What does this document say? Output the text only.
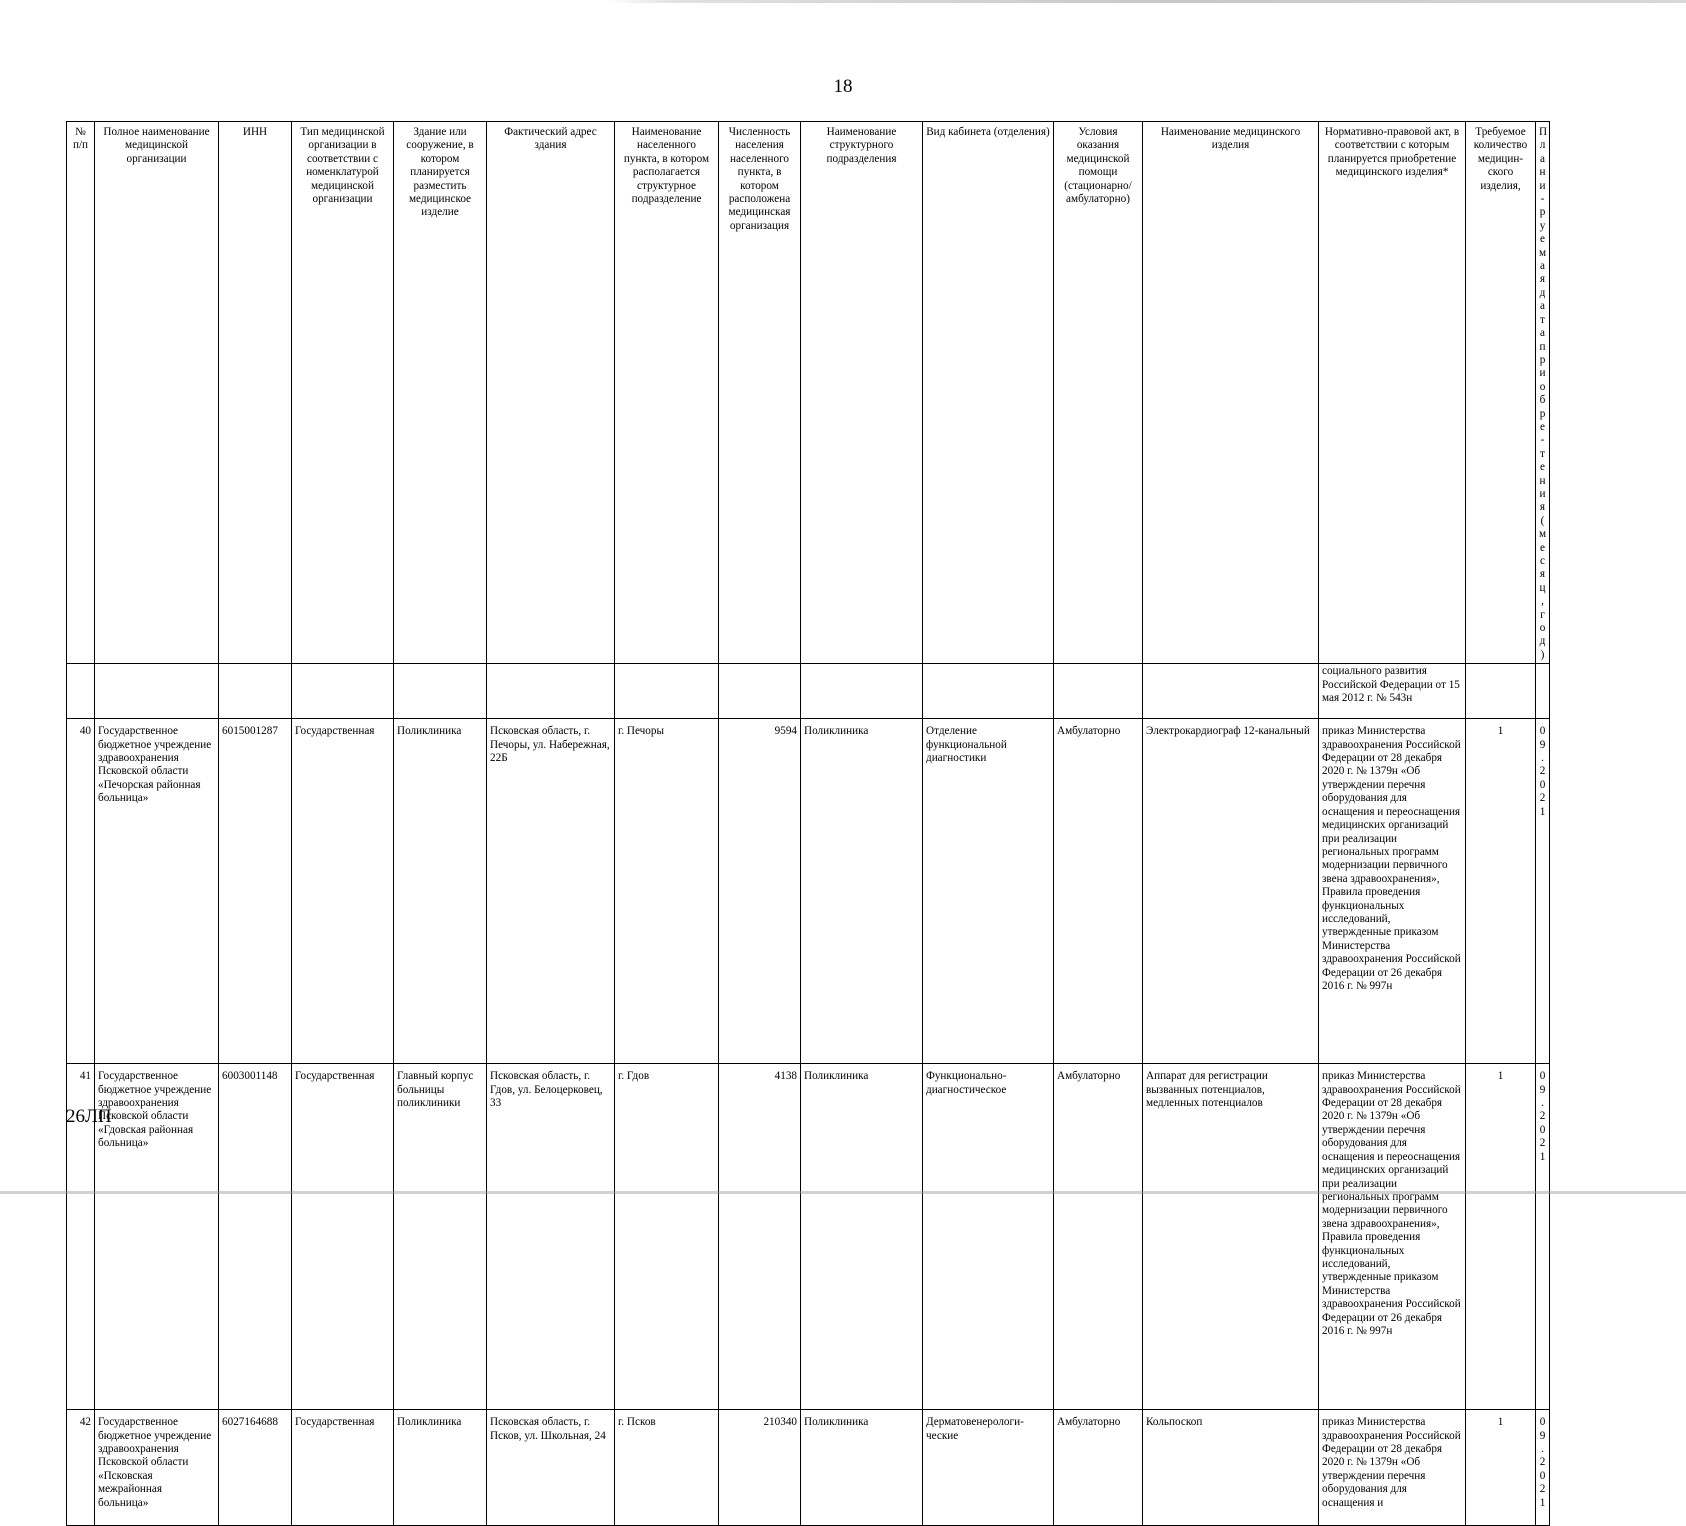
18
№ п/п	Полное наименование медицинской организации	ИНН	Тип медицинской организации в соответствии с номенклатурой медицинской организации	Здание или сооружение, в котором планируется разместить медицинское изделие	Фактический адрес здания	Наименование населенного пункта, в котором располагается структурное подразделение	Численность населения населенного пункта, в котором расположена медицинская организация	Наименование структурного подразделения	Вид кабинета (отделения)	Условия оказания медицинской помощи (стационарно/ амбулаторно)	Наименование медицинского изделия	Нормативно-правовой акт, в соответствии с которым планируется приобретение медицинского изделия*	Требуемое количество медицин-ского изделия,	Плани-руемая дата приобре-тения (месяц, год)
												социального развития Российской Федерации от 15 мая 2012 г. № 543н		
40	Государственное бюджетное учреждение здравоохранения Псковской области «Печорская районная больница»	6015001287	Государственная	Поликлиника	Псковская область, г. Печоры, ул. Набережная, 22Б	г. Печоры	9594	Поликлиника	Отделение функциональной диагностики	Амбулаторно	Электрокардиограф 12-канальный	приказ Министерства здравоохранения Российской Федерации от 28 декабря 2020 г. № 1379н «Об утверждении перечня оборудования для оснащения и переоснащения медицинских организаций при реализации региональных программ модернизации первичного звена здравоохранения», Правила проведения функциональных исследований, утвержденные приказом Министерства здравоохранения Российской Федерации от 26 декабря 2016 г. № 997н	1	09.2021
41	Государственное бюджетное учреждение здравоохранения Псковской области «Гдовская районная больница»	6003001148	Государственная	Главный корпус больницы поликлиники	Псковская область, г. Гдов, ул. Белоцерковец, 33	г. Гдов	4138	Поликлиника	Функционально-диагностическое	Амбулаторно	Аппарат для регистрации вызванных потенциалов, медленных потенциалов	приказ Министерства здравоохранения Российской Федерации от 28 декабря 2020 г. № 1379н «Об утверждении перечня оборудования для оснащения и переоснащения медицинских организаций при реализации региональных программ модернизации первичного звена здравоохранения», Правила проведения функциональных исследований, утвержденные приказом Министерства здравоохранения Российской Федерации от 26 декабря 2016 г. № 997н	1	09.2021
42	Государственное бюджетное учреждение здравоохранения Псковской области «Псковская межрайонная больница»	6027164688	Государственная	Поликлиника	Псковская область, г. Псков, ул. Школьная, 24	г. Псков	210340	Поликлиника	Дерматовенерологи-ческие	Амбулаторно	Кольпоскоп	приказ Министерства здравоохранения Российской Федерации от 28 декабря 2020 г. № 1379н «Об утверждении перечня оборудования для оснащения и	1	09.2021
26ЛП
